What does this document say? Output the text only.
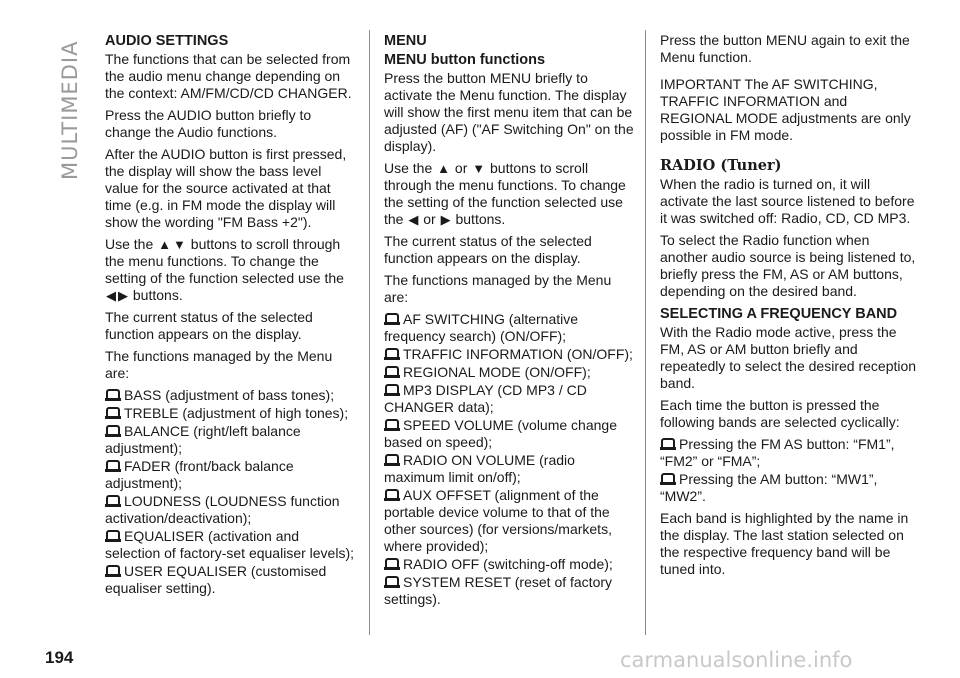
MULTIMEDIA AUDIO SETTINGS

The functions that can be selected from the audio menu change depending on the context: AM/FM/CD/CD CHANGER.

Press the AUDIO button briefly to change the Audio functions.

After the AUDIO button is first pressed, the display will show the bass level value for the source activated at that time (e.g. in FM mode the display will show the wording "FM Bass +2").

Use the ▲ ▼ buttons to scroll through the menu functions. To change the setting of the function selected use the ◀ ▶ buttons.

The current status of the selected function appears on the display.

The functions managed by the Menu are:

BASS (adjustment of bass tones);
TREBLE (adjustment of high tones);
BALANCE (right/left balance adjustment);
FADER (front/back balance adjustment);
LOUDNESS (LOUDNESS function activation/deactivation);
EQUALISER (activation and selection of factory-set equaliser levels);
USER EQUALISER (customised equaliser setting).
MENU
MENU button functions

Press the button MENU briefly to activate the Menu function. The display will show the first menu item that can be adjusted (AF) ("AF Switching On" on the display).

Use the ▲ or ▼ buttons to scroll through the menu functions. To change the setting of the function selected use the ◀ or ▶ buttons.

The current status of the selected function appears on the display.

The functions managed by the Menu are:

AF SWITCHING (alternative frequency search) (ON/OFF);
TRAFFIC INFORMATION (ON/OFF);
REGIONAL MODE (ON/OFF);
MP3 DISPLAY (CD MP3 / CD CHANGER data);
SPEED VOLUME (volume change based on speed);
RADIO ON VOLUME (radio maximum limit on/off);
AUX OFFSET (alignment of the portable device volume to that of the other sources) (for versions/markets, where provided);
RADIO OFF (switching-off mode);
SYSTEM RESET (reset of factory settings).

Press the button MENU again to exit the Menu function.

IMPORTANT The AF SWITCHING, TRAFFIC INFORMATION and REGIONAL MODE adjustments are only possible in FM mode.

RADIO (Tuner)

When the radio is turned on, it will activate the last source listened to before it was switched off: Radio, CD, CD MP3.

To select the Radio function when another audio source is being listened to, briefly press the FM, AS or AM buttons, depending on the desired band.

SELECTING A FREQUENCY BAND

With the Radio mode active, press the FM, AS or AM button briefly and repeatedly to select the desired reception band.

Each time the button is pressed the following bands are selected cyclically:

Pressing the FM AS button: “FM1”, “FM2” or “FMA”;
Pressing the AM button: “MW1”, “MW2”.

Each band is highlighted by the name in the display. The last station selected on the respective frequency band will be tuned into.

194	carmanualsonline.info
